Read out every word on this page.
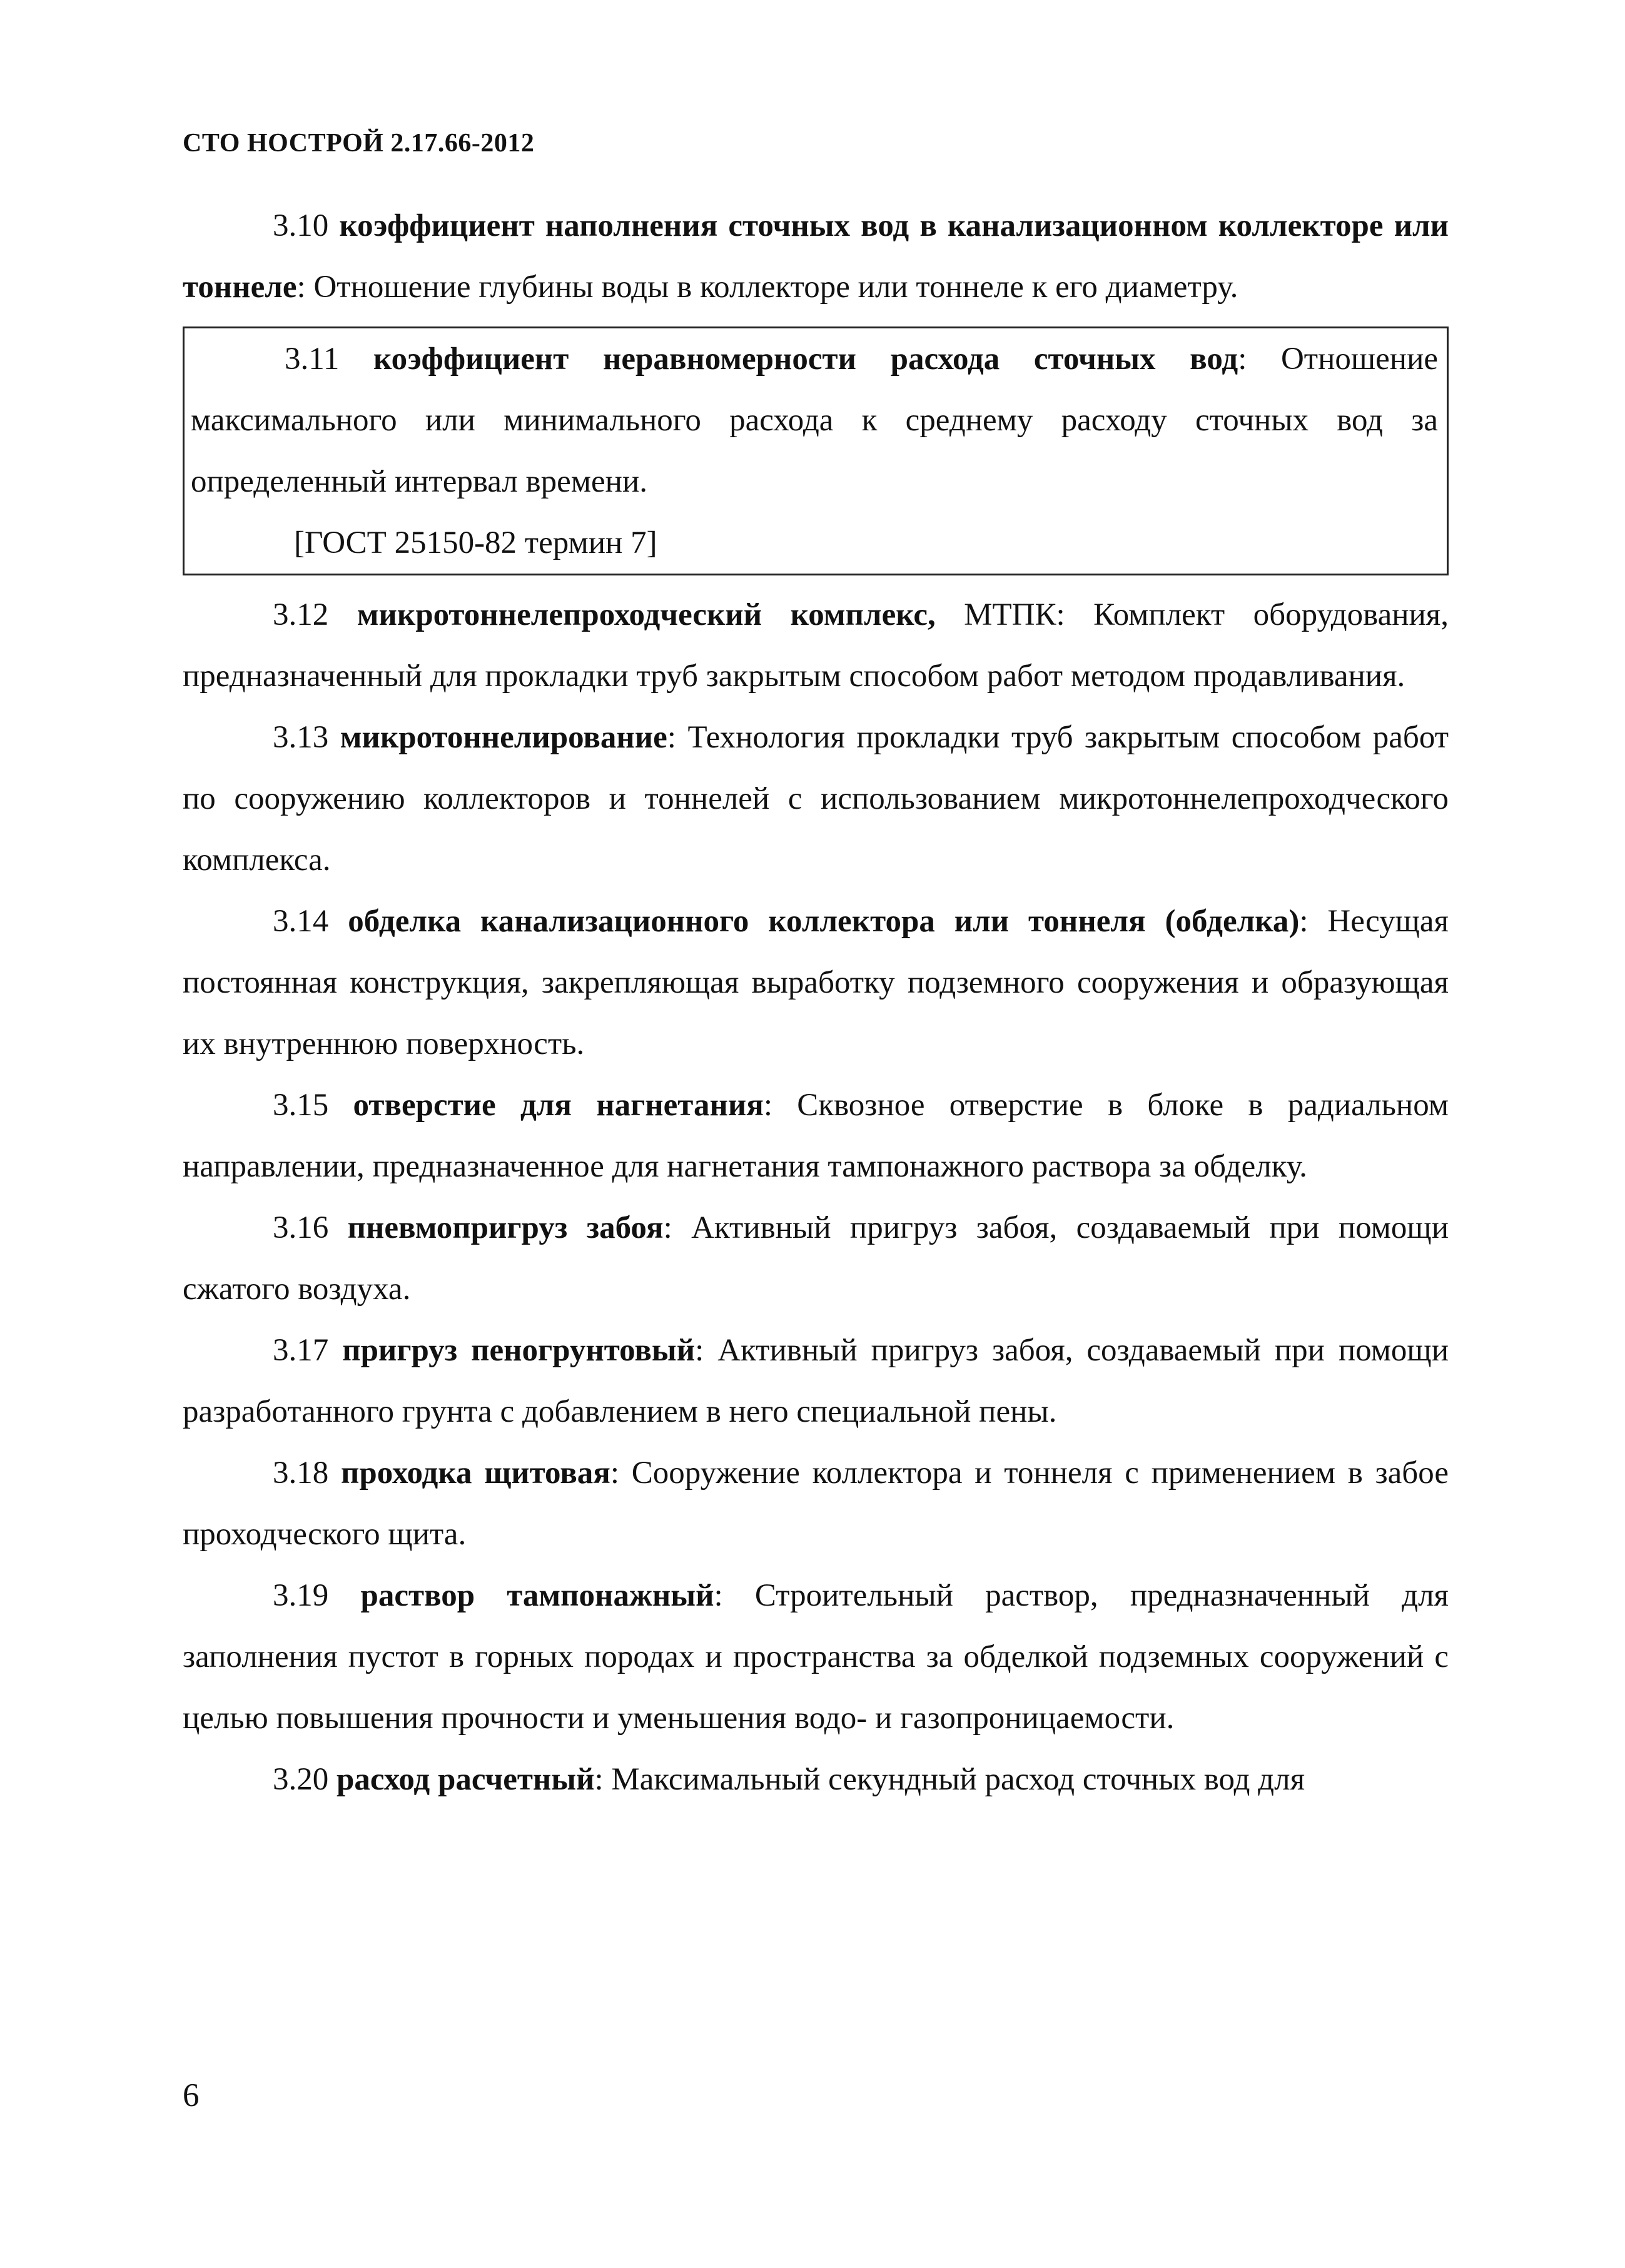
СТО НОСТРОЙ 2.17.66-2012

3.10 коэффициент наполнения сточных вод в канализационном коллекторе или тоннеле: Отношение глубины воды в коллекторе или тоннеле к его диаметру.

3.11 коэффициент неравномерности расхода сточных вод: Отношение максимального или минимального расхода к среднему расходу сточных вод за определенный интервал времени.

[ГОСТ 25150-82 термин 7]

3.12 микротоннелепроходческий комплекс, МТПК: Комплект оборудования, предназначенный для прокладки труб закрытым способом работ методом продавливания.

3.13 микротоннелирование: Технология прокладки труб закрытым способом работ по сооружению коллекторов и тоннелей с использованием микротоннелепроходческого комплекса.

3.14 обделка канализационного коллектора или тоннеля (обделка): Несущая постоянная конструкция, закрепляющая выработку подземного сооружения и образующая их внутреннюю поверхность.

3.15 отверстие для нагнетания: Сквозное отверстие в блоке в радиальном направлении, предназначенное для нагнетания тампонажного раствора за обделку.

3.16 пневмопригруз забоя: Активный пригруз забоя, создаваемый при помощи сжатого воздуха.

3.17 пригруз пеногрунтовый: Активный пригруз забоя, создаваемый при помощи разработанного грунта с добавлением в него специальной пены.

3.18 проходка щитовая: Сооружение коллектора и тоннеля с применением в забое проходческого щита.

3.19 раствор тампонажный: Строительный раствор, предназначенный для заполнения пустот в горных породах и пространства за обделкой подземных сооружений с целью повышения прочности и уменьшения водо- и газопроницаемости.

3.20 расход расчетный: Максимальный секундный расход сточных вод для

6
